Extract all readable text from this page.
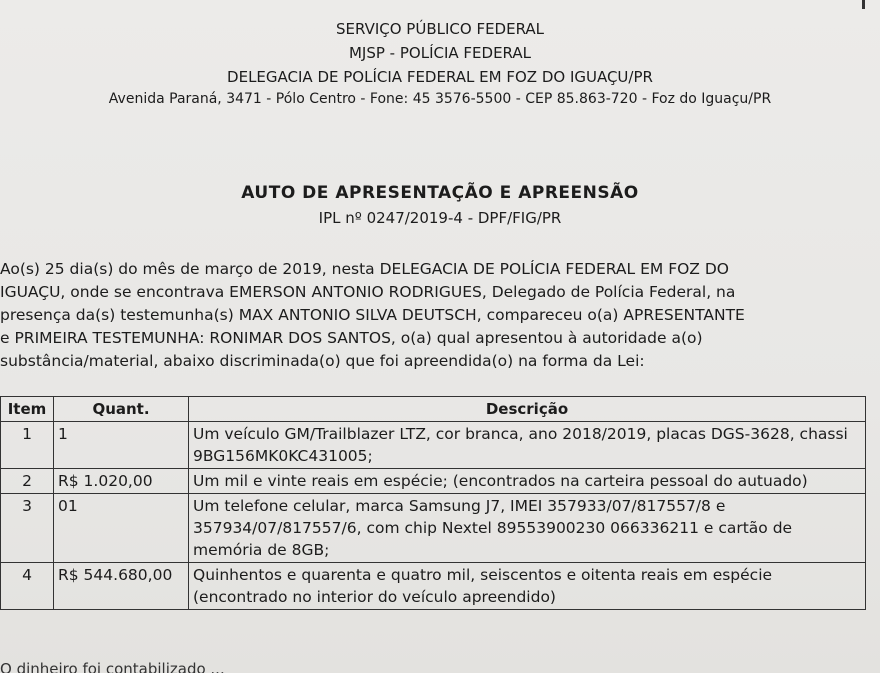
SERVIÇO PÚBLICO FEDERAL
MJSP - POLÍCIA FEDERAL
DELEGACIA DE POLÍCIA FEDERAL EM FOZ DO IGUAÇU/PR
Avenida Paraná, 3471 - Pólo Centro - Fone: 45 3576-5500 - CEP 85.863-720 - Foz do Iguaçu/PR
AUTO DE APRESENTAÇÃO E APREENSÃO
IPL nº 0247/2019-4 - DPF/FIG/PR
Ao(s) 25 dia(s) do mês de março de 2019, nesta DELEGACIA DE POLÍCIA FEDERAL EM FOZ DO
IGUAÇU, onde se encontrava EMERSON ANTONIO RODRIGUES, Delegado de Polícia Federal, na
presença da(s) testemunha(s) MAX ANTONIO SILVA DEUTSCH, compareceu o(a) APRESENTANTE
e PRIMEIRA TESTEMUNHA: RONIMAR DOS SANTOS, o(a) qual apresentou à autoridade a(o)
substância/material, abaixo discriminada(o) que foi apreendida(o) na forma da Lei:
Item	Quant.	Descrição
1	1	Um veículo GM/Trailblazer LTZ, cor branca, ano 2018/2019, placas DGS-3628, chassi 9BG156MK0KC431005;
2	R$ 1.020,00	Um mil e vinte reais em espécie; (encontrados na carteira pessoal do autuado)
3	01	Um telefone celular, marca Samsung J7, IMEI 357933/07/817557/8 e 357934/07/817557/6, com chip Nextel 89553900230 066336211 e cartão de memória de 8GB;
4	R$ 544.680,00	Quinhentos e quarenta e quatro mil, seiscentos e oitenta reais em espécie (encontrado no interior do veículo apreendido)
O dinheiro foi contabilizado ...
